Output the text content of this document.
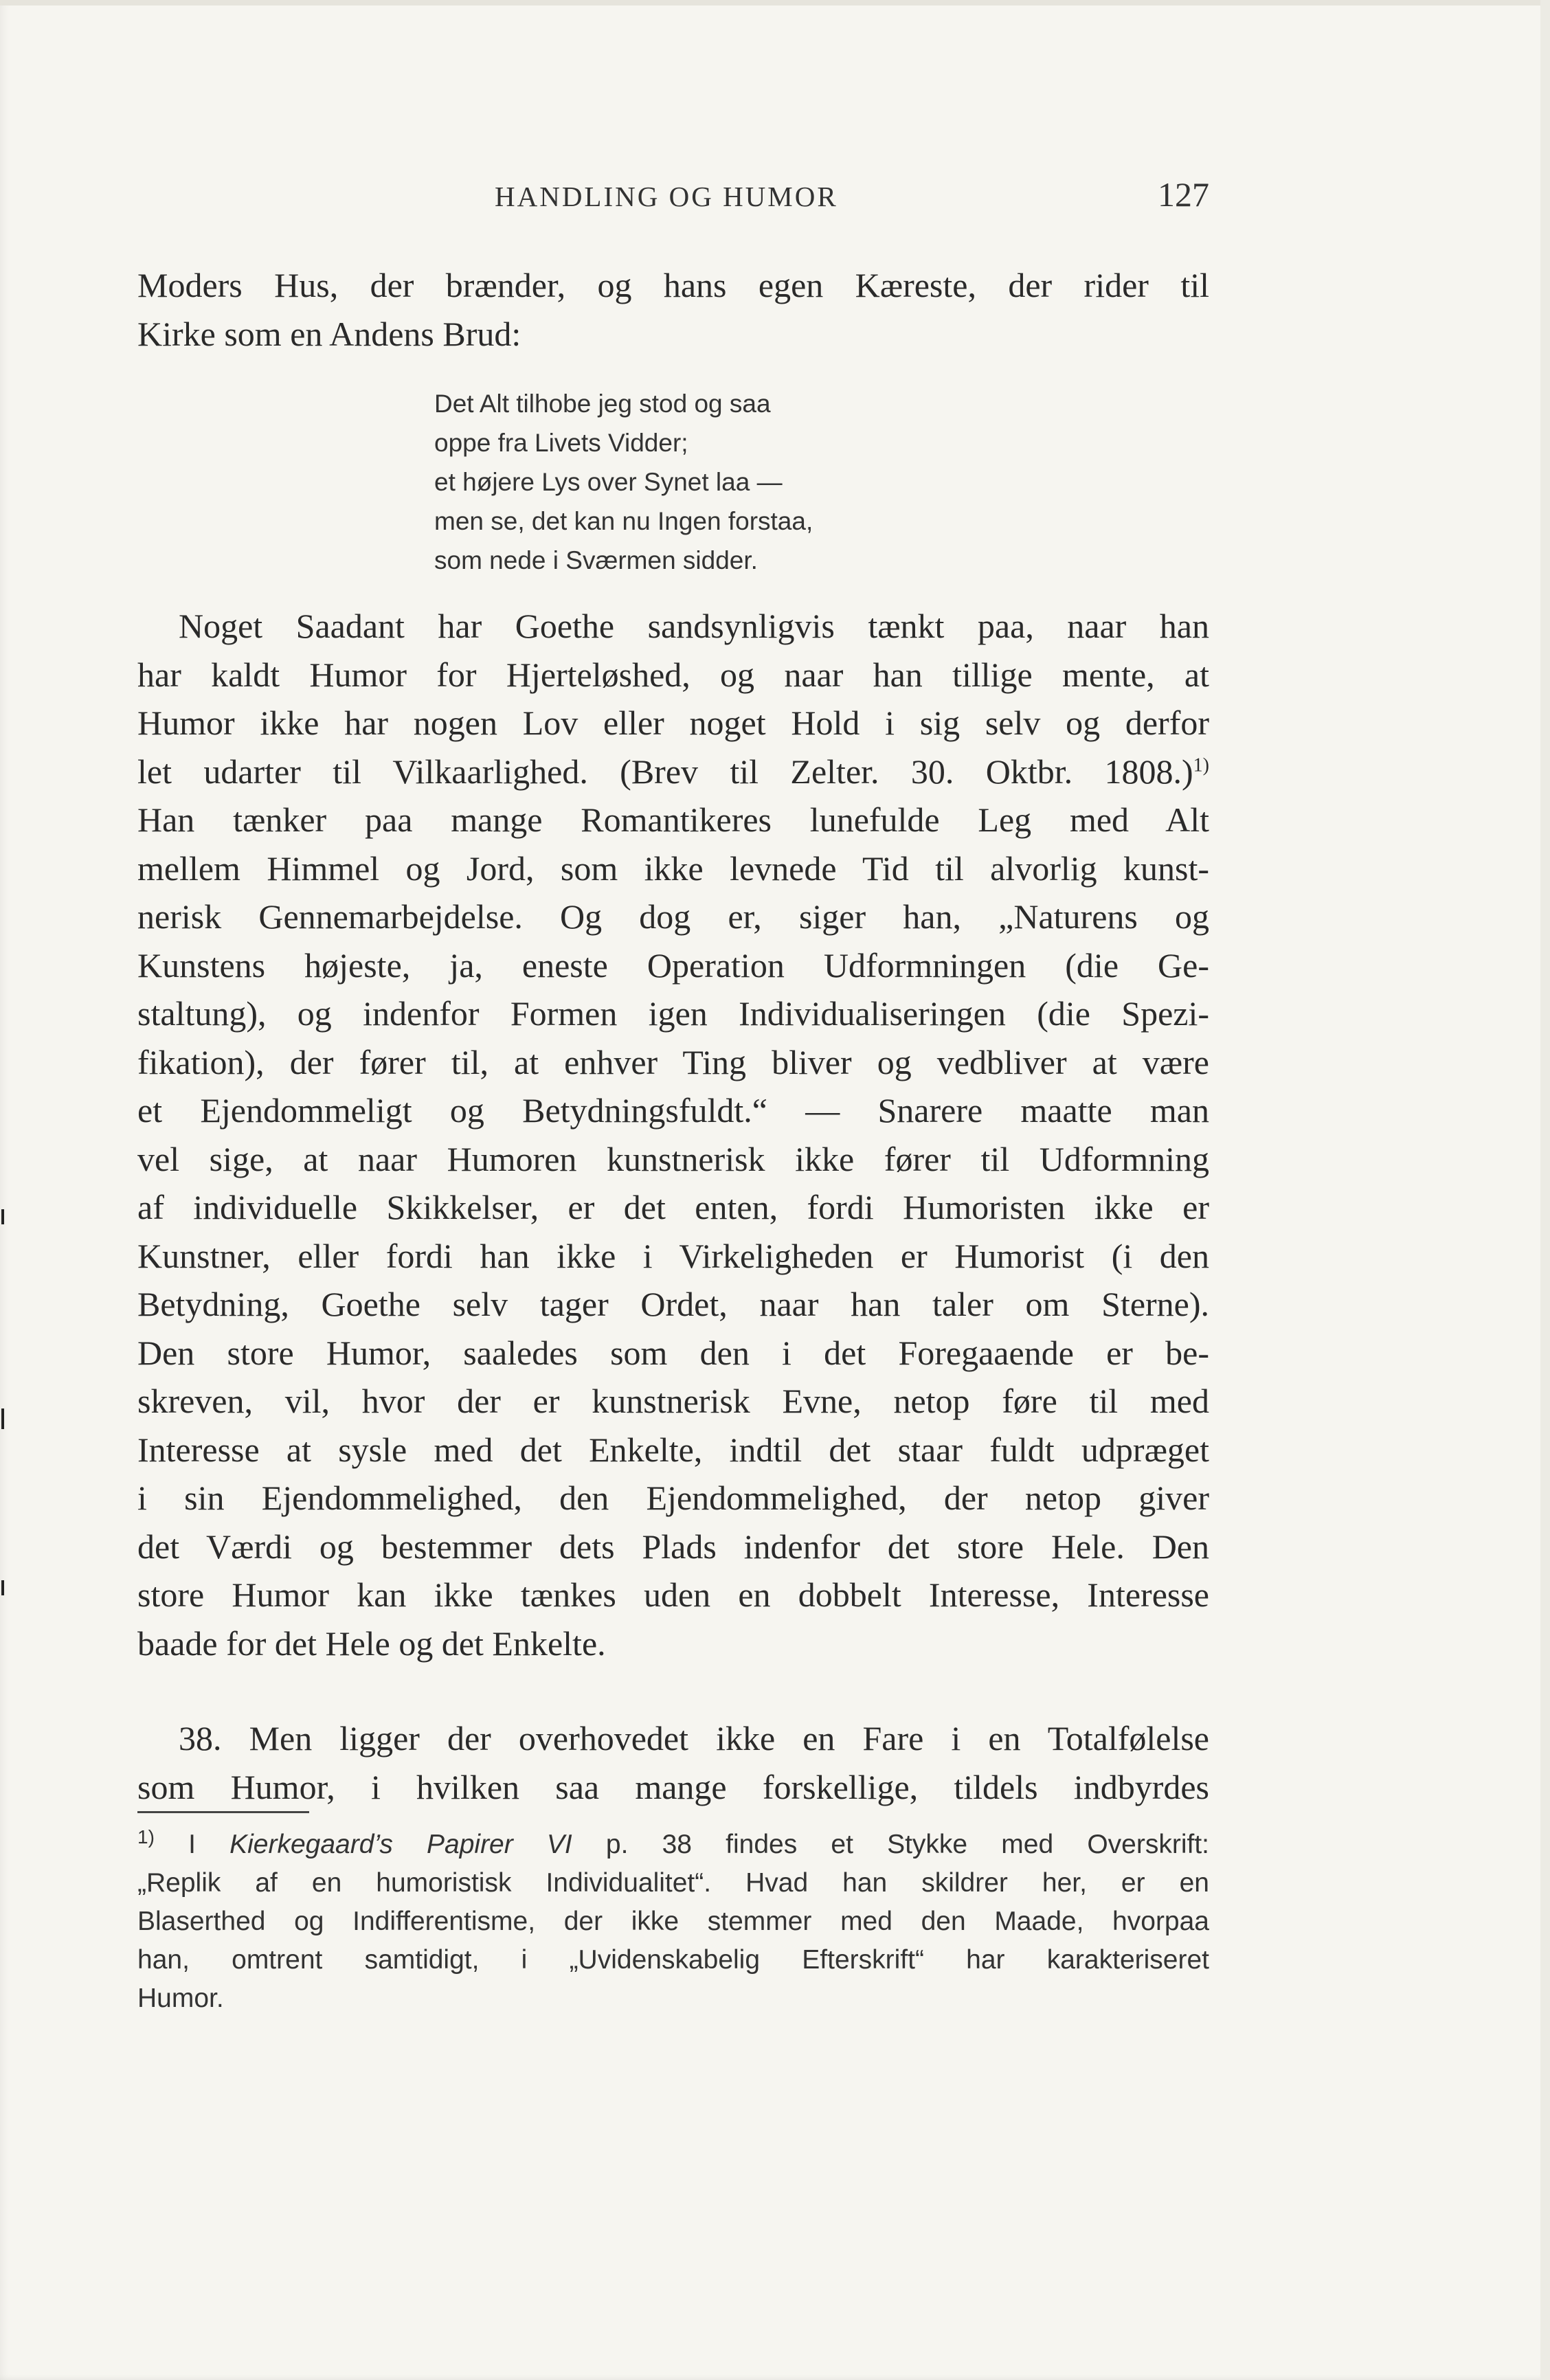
HANDLING OG HUMOR	127

Moders Hus, der brænder, og hans egen Kæreste, der rider til
Kirke som en Andens Brud:

Det Alt tilhobe jeg stod og saa
oppe fra Livets Vidder;
et højere Lys over Synet laa —
men se, det kan nu Ingen forstaa,
som nede i Sværmen sidder.

Noget Saadant har Goethe sandsynligvis tænkt paa, naar han
har kaldt Humor for Hjerteløshed, og naar han tillige mente, at
Humor ikke har nogen Lov eller noget Hold i sig selv og derfor
let udarter til Vilkaarlighed. (Brev til Zelter. 30. Oktbr. 1808.)$^{1)}$
Han tænker paa mange Romantikeres lunefulde Leg med Alt
mellem Himmel og Jord, som ikke levnede Tid til alvorlig kunst-
nerisk Gennemarbejdelse. Og dog er, siger han, „Naturens og
Kunstens højeste, ja, eneste Operation Udformningen (die Ge-
staltung), og indenfor Formen igen Individualiseringen (die Spezi-
fikation), der fører til, at enhver Ting bliver og vedbliver at være
et Ejendommeligt og Betydningsfuldt.“ — Snarere maatte man
vel sige, at naar Humoren kunstnerisk ikke fører til Udformning
af individuelle Skikkelser, er det enten, fordi Humoristen ikke er
Kunstner, eller fordi han ikke i Virkeligheden er Humorist (i den
Betydning, Goethe selv tager Ordet, naar han taler om Sterne).
Den store Humor, saaledes som den i det Foregaaende er be-
skreven, vil, hvor der er kunstnerisk Evne, netop føre til med
Interesse at sysle med det Enkelte, indtil det staar fuldt udpræget
i sin Ejendommelighed, den Ejendommelighed, der netop giver
det Værdi og bestemmer dets Plads indenfor det store Hele. Den
store Humor kan ikke tænkes uden en dobbelt Interesse, Interesse
baade for det Hele og det Enkelte.

38. Men ligger der overhovedet ikke en Fare i en Totalfølelse
som Humor, i hvilken saa mange forskellige, tildels indbyrdes

$^{1)}$ I Kierkegaard’s Papirer VI p. 38 findes et Stykke med Overskrift:
„Replik af en humoristisk Individualitet“. Hvad han skildrer her, er en
Blaserthed og Indifferentisme, der ikke stemmer med den Maade, hvorpaa
han, omtrent samtidigt, i „Uvidenskabelig Efterskrift“ har karakteriseret
Humor.
